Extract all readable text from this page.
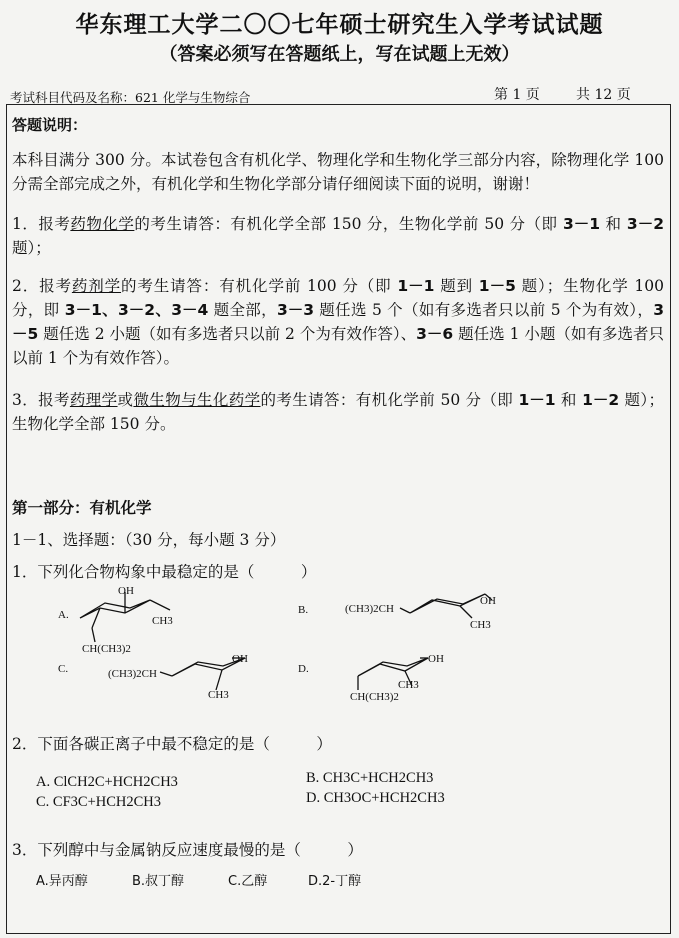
华东理工大学二〇〇七年硕士研究生入学考试试题
（答案必须写在答题纸上，写在试题上无效）
考试科目代码及名称：621 化学与生物综合	第 1 页	共 12 页
答题说明：
本科目满分 300 分。本试卷包含有机化学、物理化学和生物化学三部分内容，除物理化学 100 分需全部完成之外，有机化学和生物化学部分请仔细阅读下面的说明，谢谢！
1．报考药物化学的考生请答：有机化学全部 150 分，生物化学前 50 分（即 3－1 和 3－2 题）；
2．报考药剂学的考生请答：有机化学前 100 分（即 1－1 题到 1－5 题）；生物化学 100 分，即 3－1、3－2、3－4 题全部，3－3 题任选 5 个（如有多选者只以前 5 个为有效），3－5 题任选 2 小题（如有多选者只以前 2 个为有效作答）、3－6 题任选 1 小题（如有多选者只以前 1 个为有效作答）。
3．报考药理学或微生物与生化药学的考生请答：有机化学前 50 分（即 1－1 和 1－2 题）；生物化学全部 150 分。
第一部分：有机化学
1－1、选择题：（30 分，每小题 3 分）
1．下列化合物构象中最稳定的是（　　　）
A.	B.
C.	D.
OH
CH3
CH(CH3)2
(CH3)2CH
OH
CH3
(CH3)2CH
OH
CH3
OH
CH3
CH(CH3)2
2．下面各碳正离子中最不稳定的是（　　　）
A. ClCH2C+HCH2CH3	B. CH3C+HCH2CH3
C. CF3C+HCH2CH3	D. CH3OC+HCH2CH3
3．下列醇中与金属钠反应速度最慢的是（　　　）
A.异丙醇	B.叔丁醇	C.乙醇	D.2-丁醇
